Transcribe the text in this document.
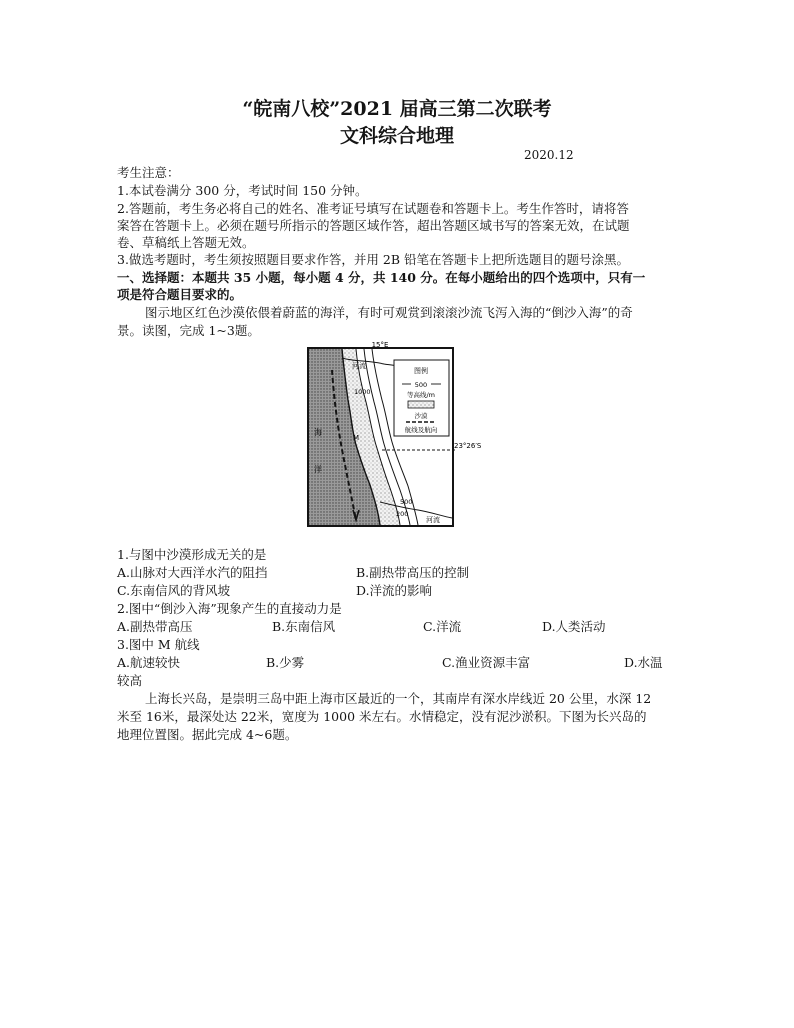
“皖南八校”2021 届高三第二次联考
文科综合地理
2020.12
考生注意：
1.本试卷满分 300 分，考试时间 150 分钟。
2.答题前，考生务必将自己的姓名、准考证号填写在试题卷和答题卡上。考生作答时，请将答
案答在答题卡上。必须在题号所指示的答题区域作答，超出答题区域书写的答案无效，在试题
卷、草稿纸上答题无效。
3.做选考题时，考生须按照题目要求作答，并用 2B 铅笔在答题卡上把所选题目的题号涂黑。
一、选择题：本题共 35 小题，每小题 4 分，共 140 分。在每小题给出的四个选项中，只有一
项是符合题目要求的。
图示地区红色沙漠依偎着蔚蓝的海洋，有时可观赏到滚滚沙流飞泻入海的“倒沙入海”的奇
景。读图，完成 1~3题。
图例
500
等高线/m
沙漠
航线及航向
15°E
23°26′S
河流
河流
1000
500
200
M
海
洋
1.与图中沙漠形成无关的是
A.山脉对大西洋水汽的阻挡	B.副热带高压的控制
C.东南信风的背风坡	D.洋流的影响
2.图中“倒沙入海”现象产生的直接动力是
A.副热带高压	B.东南信风	C.洋流	D.人类活动
3.图中 M 航线
A.航速较快	B.少雾	C.渔业资源丰富	D.水温
较高
上海长兴岛，是崇明三岛中距上海市区最近的一个，其南岸有深水岸线近 20 公里，水深 12
米至 16米，最深处达 22米，宽度为 1000 米左右。水情稳定，没有泥沙淤积。下图为长兴岛的
地理位置图。据此完成 4~6题。
